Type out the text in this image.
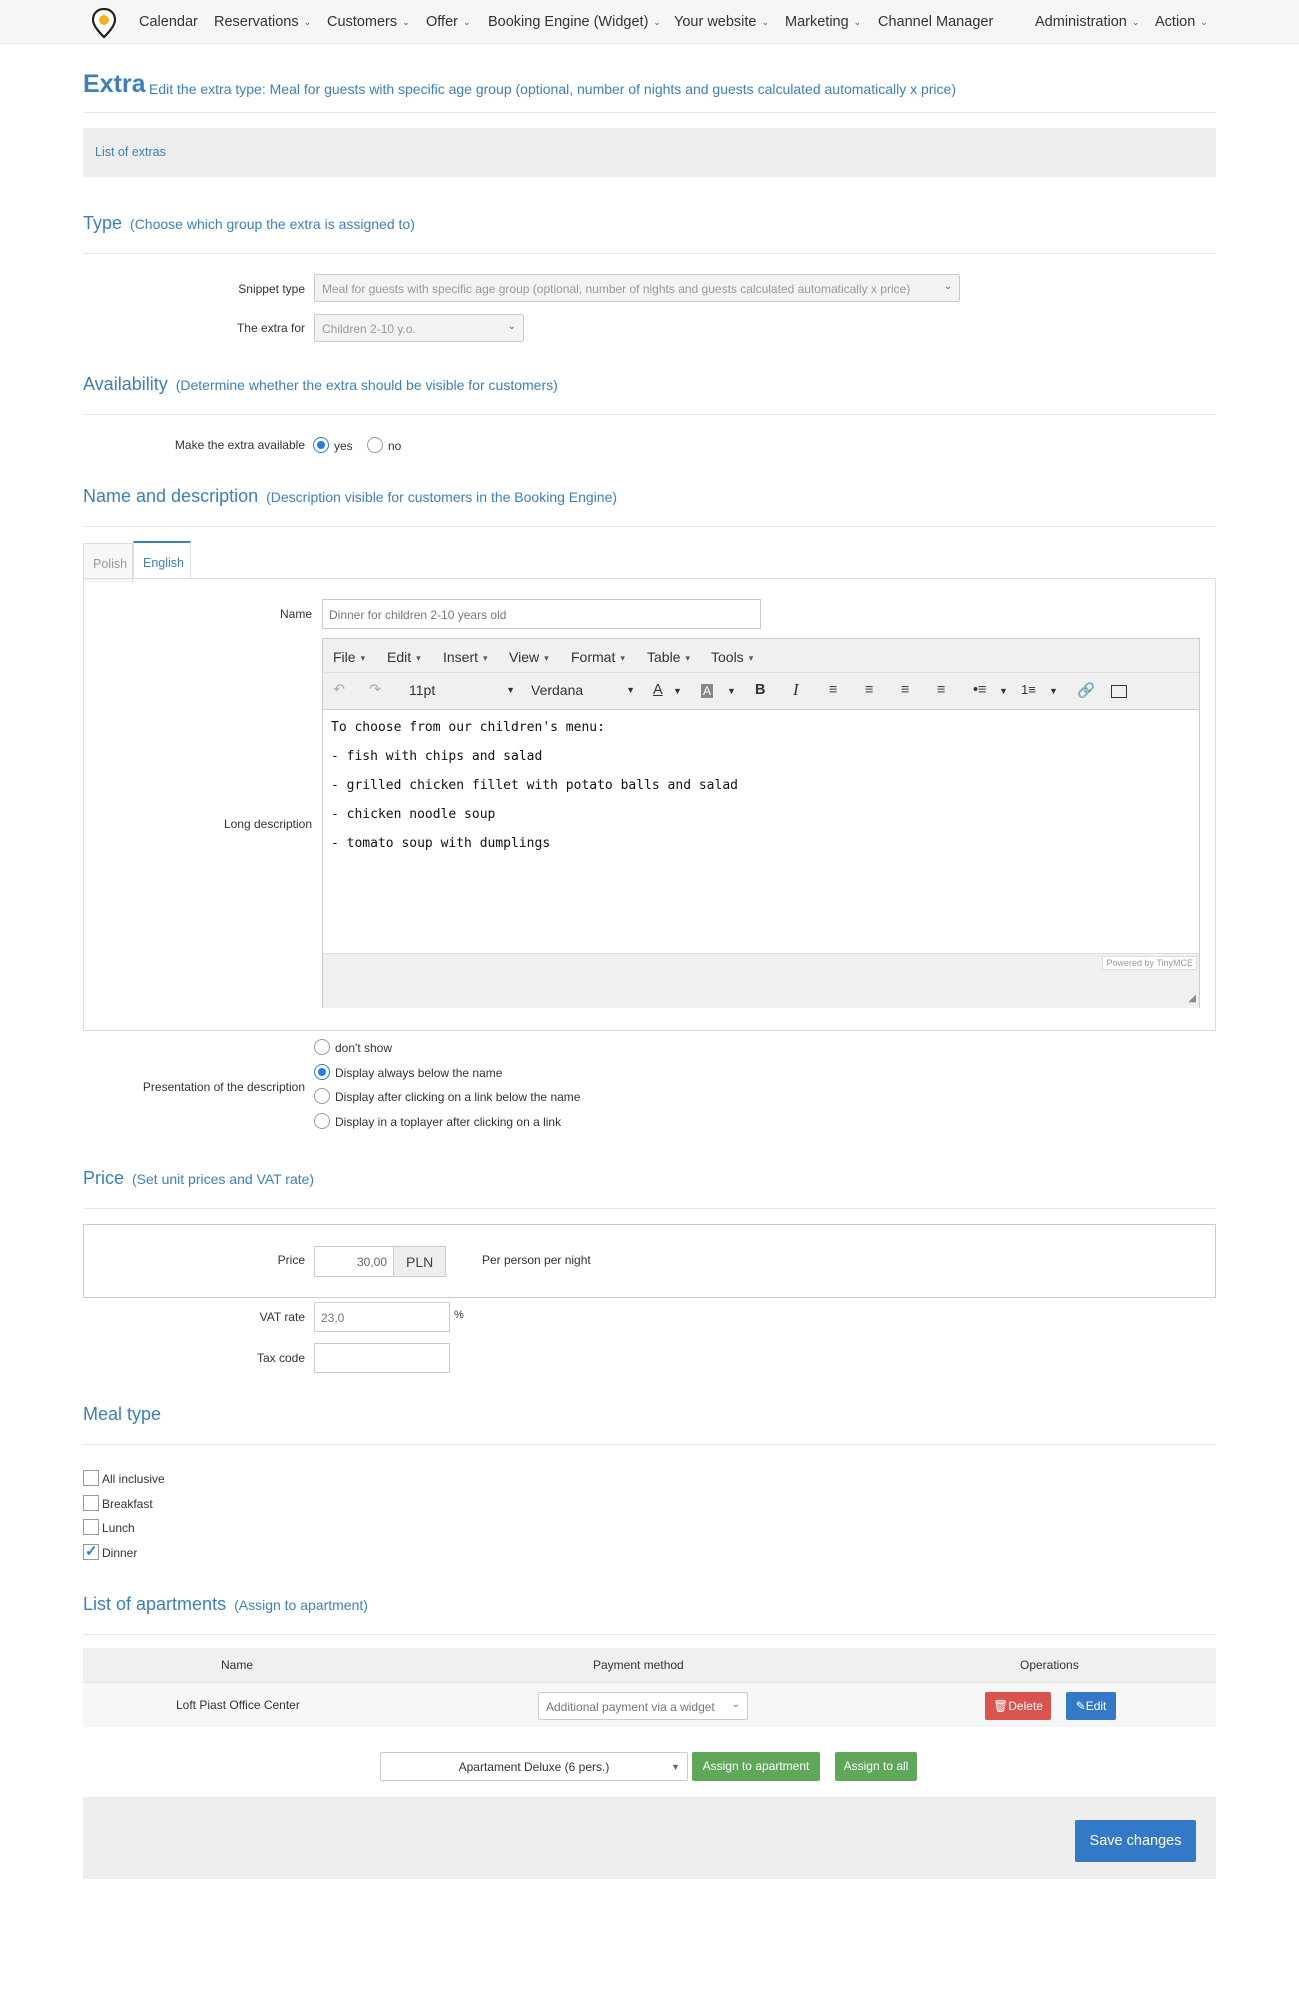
Calendar Reservations ⌄ Customers ⌄ Offer ⌄ Booking Engine (Widget) ⌄ Your website ⌄ Marketing ⌄ Channel Manager	Administration ⌄ Action ⌄
Extra Edit the extra type: Meal for guests with specific age group (optional, number of nights and guests calculated automatically x price)
List of extras
Type (Choose which group the extra is assigned to)
Snippet type	Meal for guests with specific age group (optional, number of nights and guests calculated automatically x price)	⌄
The extra for	Children 2-10 y.o.	⌄
Availability (Determine whether the extra should be visible for customers)
Make the extra available yes	no
Name and description (Description visible for customers in the Booking Engine)
Polish	English
Name	Dinner for children 2-10 years old
Long description
File ▾ Edit ▾ Insert ▾ View ▾ Format ▾ Table ▾ Tools ▾
↶ ↷ 11pt	▼ Verdana	▼ A ▼ A ▼ B I ≡ ≡ ≡ ≡ •≡ ▼ 1≡ ▼ 🔗

To choose from our children's menu:

- fish with chips and salad

- grilled chicken fillet with potato balls and salad

- chicken noodle soup

- tomato soup with dumplings

Powered by TinyMCE
◢
Presentation of the description
don't show
Display always below the name
Display after clicking on a link below the name
Display in a toplayer after clicking on a link
Price (Set unit prices and VAT rate)
Price	30,00	PLN	Per person per night
VAT rate	23,0	%
Tax code
Meal type
All inclusive
Breakfast
Lunch
✓
Dinner
List of apartments (Assign to apartment)
Name	Payment method	Operations
Loft Piast Office Center	Additional payment via a widget ⌄	🗑Delete	✎Edit
Apartament Deluxe (6 pers.)	▼	Assign to apartment	Assign to all
Save changes
